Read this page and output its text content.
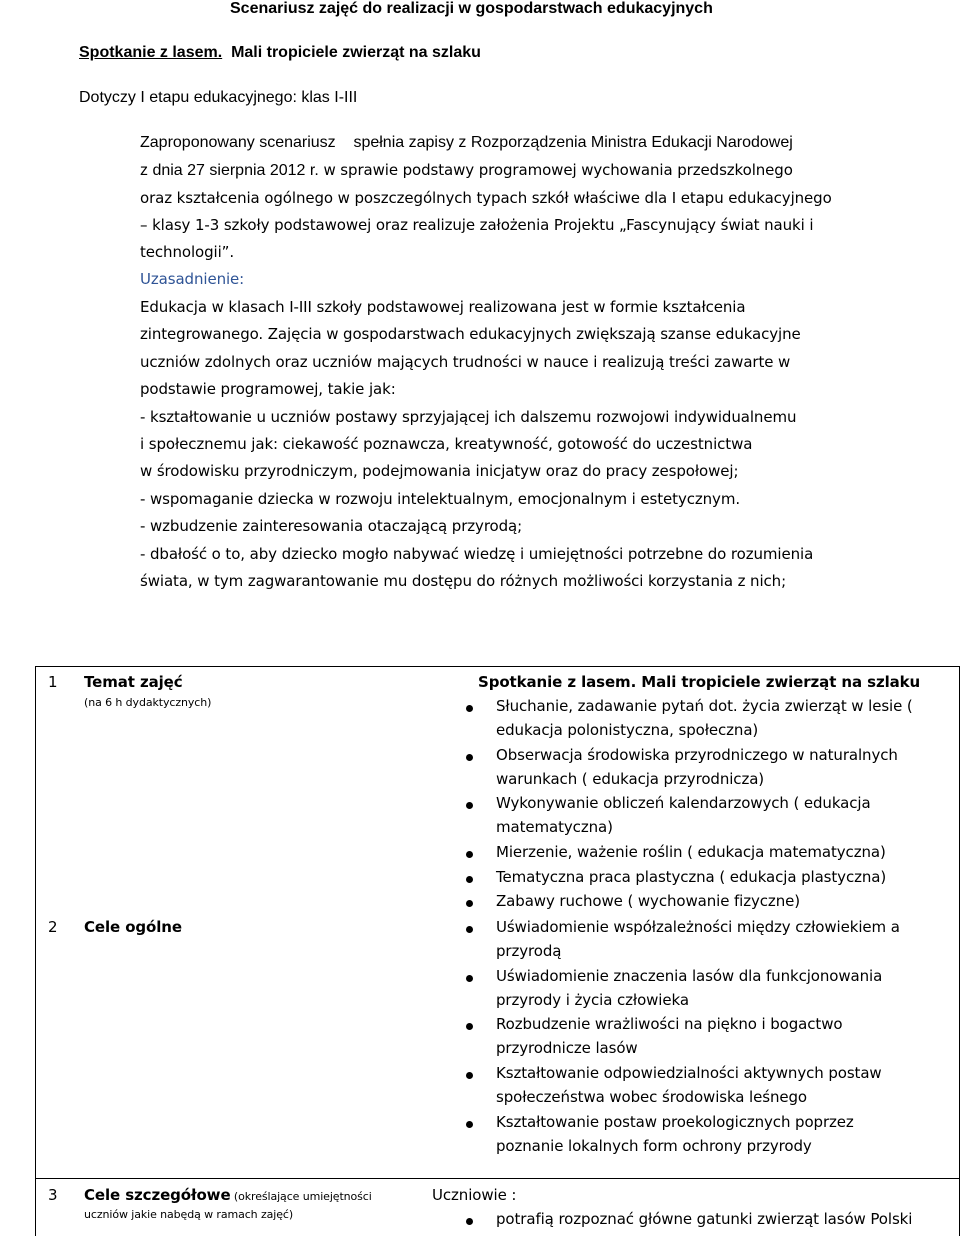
Scenariusz zajęć do realizacji w gospodarstwach edukacyjnych
Spotkanie z lasem.  Mali tropiciele zwierząt na szlaku
Dotyczy I etapu edukacyjnego: klas I-III
Zaproponowany scenariusz    spełnia zapisy z Rozporządzenia Ministra Edukacji Narodowej
z dnia 27 sierpnia 2012 r. w sprawie podstawy programowej wychowania przedszkolnego
oraz kształcenia ogólnego w poszczególnych typach szkół właściwe dla I etapu edukacyjnego
– klasy 1-3 szkoły podstawowej oraz realizuje założenia Projektu „Fascynujący świat nauki i
technologii”.
Uzasadnienie:
Edukacja w klasach I-III szkoły podstawowej realizowana jest w formie kształcenia
zintegrowanego. Zajęcia w gospodarstwach edukacyjnych zwiększają szanse edukacyjne
uczniów zdolnych oraz uczniów mających trudności w nauce i realizują treści zawarte w
podstawie programowej, takie jak:
- kształtowanie u uczniów postawy sprzyjającej ich dalszemu rozwojowi indywidualnemu
i społecznemu jak: ciekawość poznawcza, kreatywność, gotowość do uczestnictwa
w środowisku przyrodniczym, podejmowania inicjatyw oraz do pracy zespołowej;
- wspomaganie dziecka w rozwoju intelektualnym, emocjonalnym i estetycznym.
- wzbudzenie zainteresowania otaczającą przyrodą;
- dbałość o to, aby dziecko mogło nabywać wiedzę i umiejętności potrzebne do rozumienia
świata, w tym zagwarantowanie mu dostępu do różnych możliwości korzystania z nich;
1 Temat zajęć
(na 6 h dydaktycznych)
Spotkanie z lasem. Mali tropiciele zwierząt na szlaku
Słuchanie, zadawanie pytań dot. życia zwierząt w lesie (
edukacja polonistyczna, społeczna)
Obserwacja środowiska przyrodniczego w naturalnych
warunkach ( edukacja przyrodnicza)
Wykonywanie obliczeń kalendarzowych ( edukacja
matematyczna)
Mierzenie, ważenie roślin ( edukacja matematyczna)
Tematyczna praca plastyczna ( edukacja plastyczna)
Zabawy ruchowe ( wychowanie fizyczne)
2 Cele ogólne	Uświadomienie współzależności między człowiekiem a
przyrodą
Uświadomienie znaczenia lasów dla funkcjonowania
przyrody i życia człowieka
Rozbudzenie wrażliwości na piękno i bogactwo
przyrodnicze lasów
Kształtowanie odpowiedzialności aktywnych postaw
społeczeństwa wobec środowiska leśnego
Kształtowanie postaw proekologicznych poprzez
poznanie lokalnych form ochrony przyrody
3 Cele szczegółowe (określające umiejętności
uczniów jakie nabędą w ramach zajęć)
Uczniowie :
potrafią rozpoznać główne gatunki zwierząt lasów Polski
